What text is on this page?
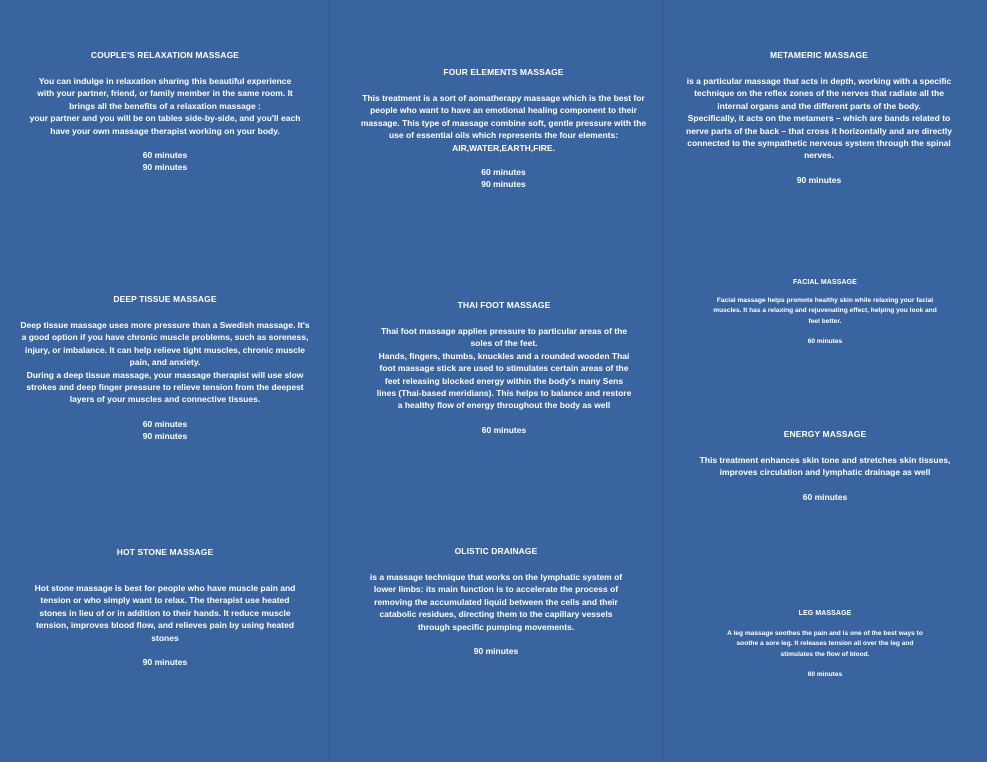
COUPLE'S RELAXATION MASSAGE

You can indulge in relaxation sharing this beautiful experience
with your partner, friend, or family member in the same room. It
brings all the benefits of a relaxation massage :
your partner and you will be on tables side-by-side, and you'll each
have your own massage therapist working on your body.

60 minutes
90 minutes
DEEP TISSUE MASSAGE

Deep tissue massage uses more pressure than a Swedish massage. It's
a good option if you have chronic muscle problems, such as soreness,
injury, or imbalance. It can help relieve tight muscles, chronic muscle
pain, and anxiety.
During a deep tissue massage, your massage therapist will use slow
strokes and deep finger pressure to relieve tension from the deepest
layers of your muscles and connective tissues.

60 minutes
90 minutes
HOT STONE MASSAGE

Hot stone massage is best for people who have muscle pain and
tension or who simply want to relax. The therapist use heated
stones in lieu of or in addition to their hands. It reduce muscle
tension, improves blood flow, and relieves pain by using heated
stones

90 minutes
FOUR ELEMENTS MASSAGE

This treatment is a sort of aomatherapy massage which is the best for
people who want to have an emotional healing component to their
massage. This type of massage combine soft, gentle pressure with the
use of essential oils which represents the four elements:
AIR,WATER,EARTH,FIRE.

60 minutes
90 minutes
THAI FOOT MASSAGE

Thai foot massage applies pressure to particular areas of the
soles of the feet.
Hands, fingers, thumbs, knuckles and a rounded wooden Thai
foot massage stick are used to stimulates certain areas of the
feet releasing blocked energy within the body's many Sens
lines (Thai-based meridians). This helps to balance and restore
a healthy flow of energy throughout the body as well

60 minutes
OLISTIC DRAINAGE

is a massage technique that works on the lymphatic system of
lower limbs: its main function is to accelerate the process of
removing the accumulated liquid between the cells and their
catabolic residues, directing them to the capillary vessels
through specific pumping movements.

90 minutes
METAMERIC MASSAGE

is a particular massage that acts in depth, working with a specific
technique on the reflex zones of the nerves that radiate all the
internal organs and the different parts of the body.
Specifically, it acts on the metamers – which are bands related to
nerve parts of the back – that cross it horizontally and are directly
connected to the sympathetic nervous system through the spinal
nerves.

90 minutes
FACIAL MASSAGE

Facial massage helps promote healthy skin while relaxing your facial
muscles. It has a relaxing and rejuvenating effect, helping you look and
feel better.

60 minutes
ENERGY MASSAGE

This treatment enhances skin tone and stretches skin tissues,
improves circulation and lymphatic drainage as well

60 minutes
LEG MASSAGE

A leg massage soothes the pain and is one of the best ways to
soothe a sore leg. It releases tension all over the leg and
stimulates the flow of blood.

60 minutes
